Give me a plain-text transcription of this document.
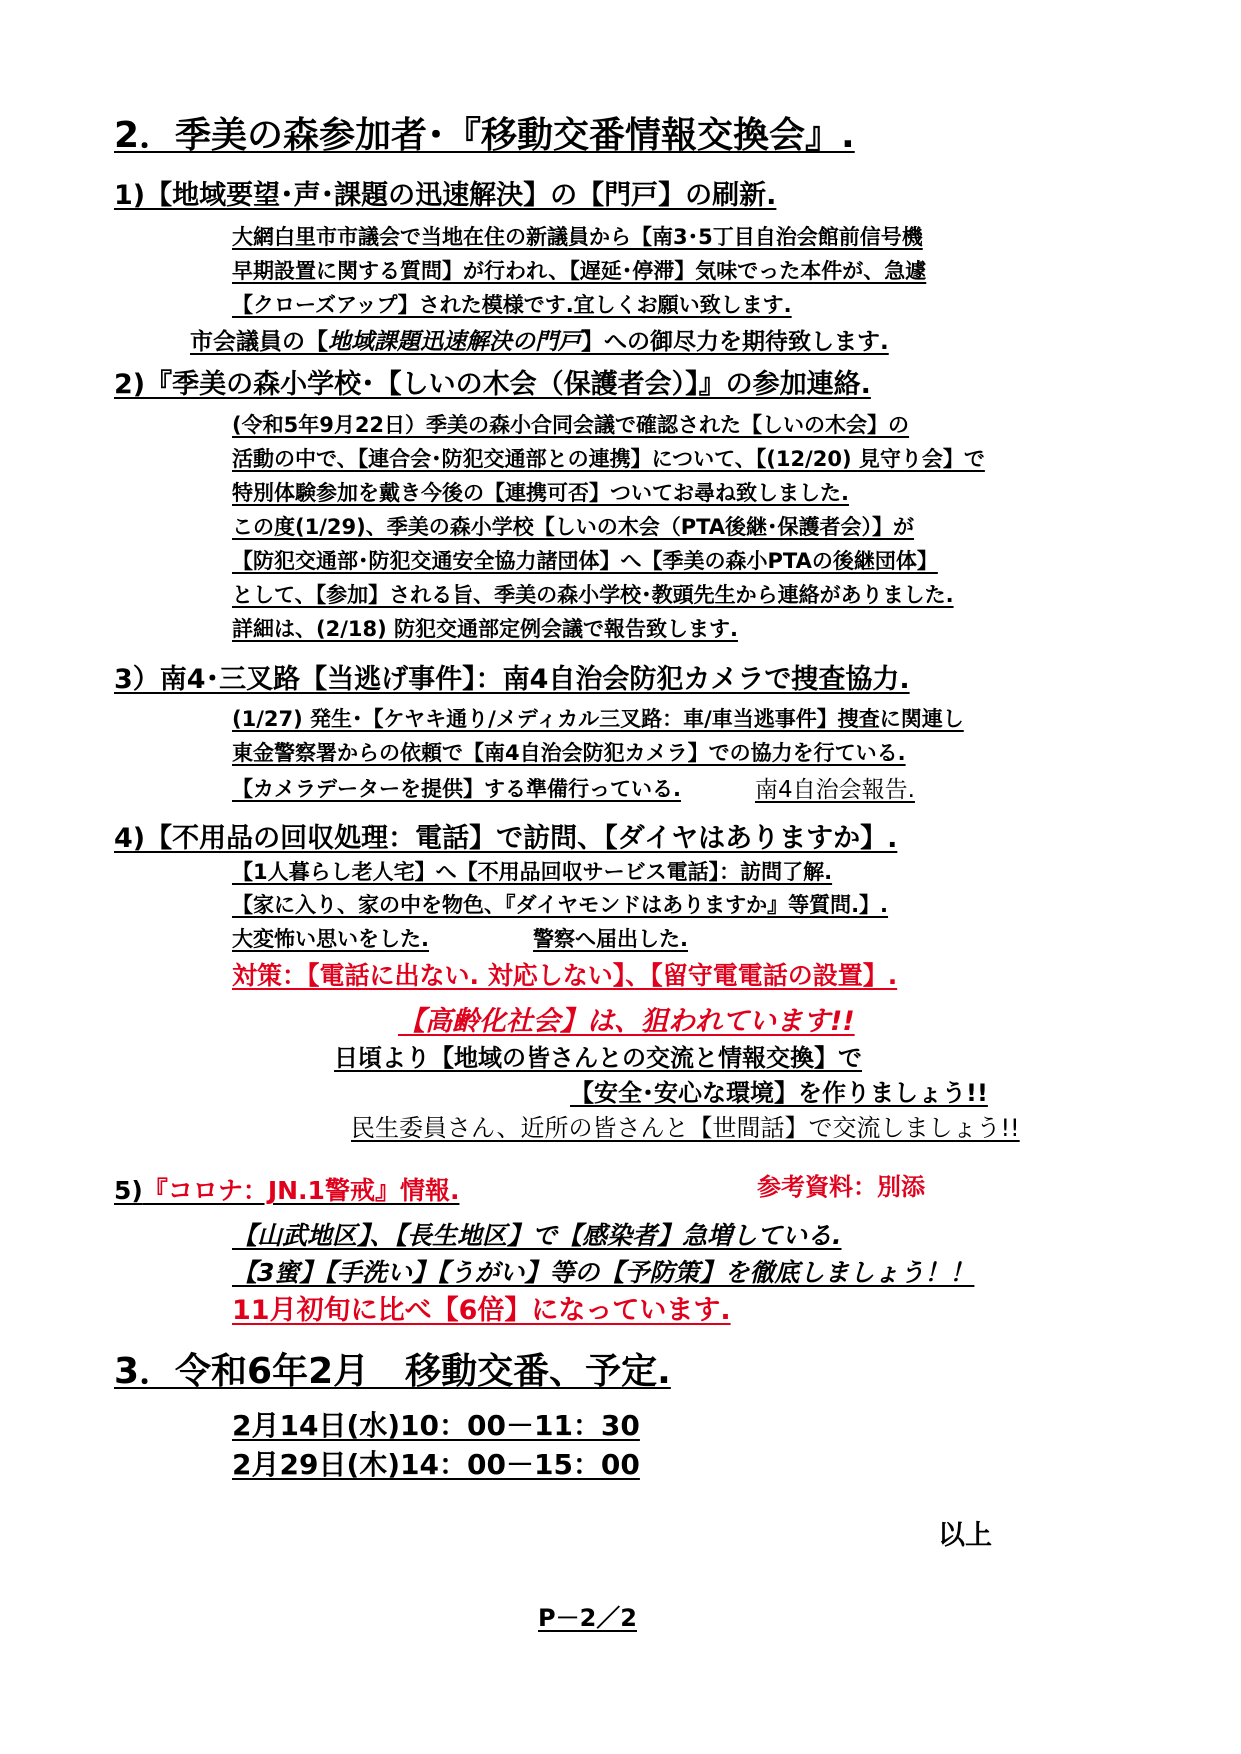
2．季美の森参加者･『移動交番情報交換会』.
1)【地域要望･声･課題の迅速解決】の【門戸】の刷新.
大網白里市市議会で当地在住の新議員から【南3･5丁目自治会館前信号機
早期設置に関する質問】が行われ、【遅延･停滞】気味でった本件が、急遽
【クローズアップ】された模様です.宜しくお願い致します.
市会議員の【地域課題迅速解決の門戸】への御尽力を期待致します.
2)『季美の森小学校･【しいの木会（保護者会）】』の参加連絡.
(令和5年9月22日）季美の森小合同会議で確認された【しいの木会】の
活動の中で、【連合会･防犯交通部との連携】について、【(12/20) 見守り会】で
特別体験参加を戴き今後の【連携可否】ついてお尋ね致しました.
この度(1/29)、季美の森小学校【しいの木会（PTA後継･保護者会）】が
【防犯交通部･防犯交通安全協力諸団体】へ【季美の森小PTAの後継団体】
として、【参加】される旨、季美の森小学校･教頭先生から連絡がありました.
詳細は、(2/18) 防犯交通部定例会議で報告致します.
3）南4･三叉路【当逃げ事件】：南4自治会防犯カメラで捜査協力.
(1/27) 発生･【ケヤキ通り/メディカル三叉路：車/車当逃事件】捜査に関連し
東金警察署からの依頼で【南4自治会防犯カメラ】での協力を行ている.
【カメラデーターを提供】する準備行っている.	南4自治会報告.
4)【不用品の回収処理：電話】で訪問、【ダイヤはありますか】.
【1人暮らし老人宅】へ【不用品回収サービス電話】：訪問了解.
【家に入り、家の中を物色、『ダイヤモンドはありますか』等質問.】.
大変怖い思いをした.	警察へ届出した.
対策：【電話に出ない. 対応しない】、【留守電電話の設置】.
【高齢化社会】は、狙われています!!
日頃より【地域の皆さんとの交流と情報交換】で
【安全･安心な環境】を作りましょう!!
民生委員さん、近所の皆さんと【世間話】で交流しましょう!!
5)『コロナ：JN.1警戒』情報.	参考資料：別添
【山武地区】、【長生地区】で【感染者】急増している.
【3蜜】【手洗い】【うがい】等の【予防策】を徹底しましょう！！
11月初旬に比べ【6倍】になっています.
3．令和6年2月　移動交番、予定.
2月14日(水)10：00－11：30
2月29日(木)14：00－15：00
以上
P－2／2
